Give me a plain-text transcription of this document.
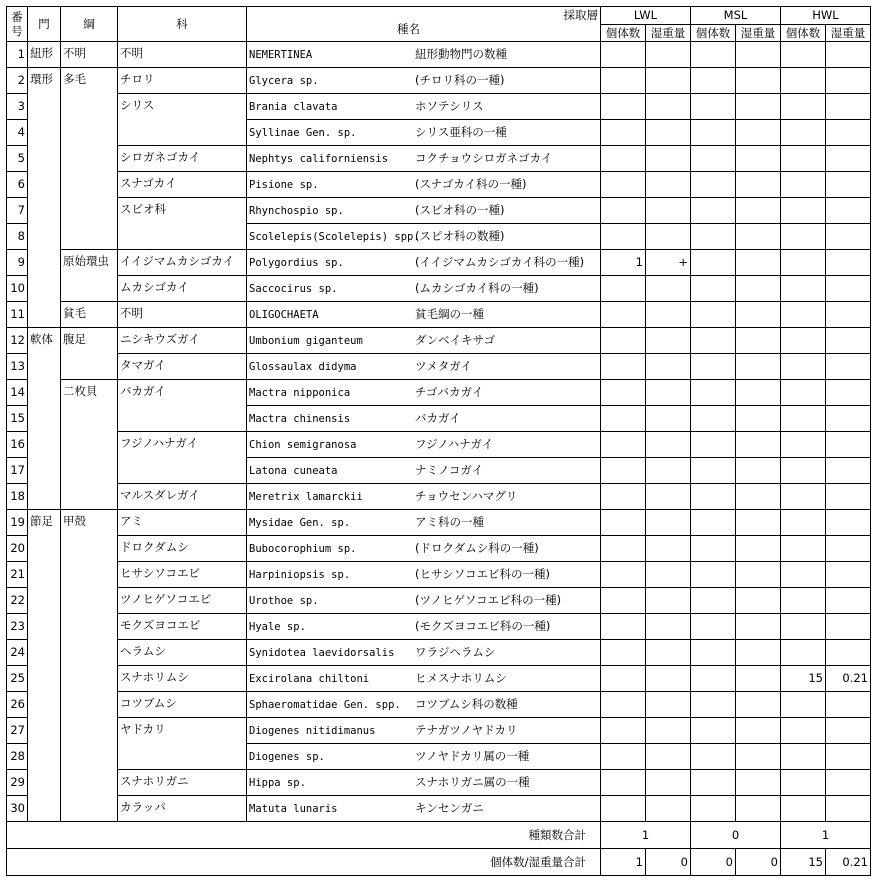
番
号	門	綱	科	採取層
種名	LWL		MSL		HWL	
					個体数	湿重量	個体数	湿重量	個体数	湿重量
1	紐形	不明	不明	NEMERTINEA 紐形動物門の数種						
2	環形	多毛	チロリ	Glycera sp. (チロリ科の一種)						
3			シリス	Brania clavata ホソテシリス						
4				Syllinae Gen. sp. シリス亜科の一種						
5			シロガネゴカイ	Nephtys californiensis コクチョウシロガネゴカイ						
6			スナゴカイ	Pisione sp. (スナゴカイ科の一種)						
7			スピオ科	Rhynchospio sp. (スピオ科の一種)						
8				Scolelepis(Scolelepis) spp.(スピオ科の数種)						
9		原始環虫	イイジマムカシゴカイ	Polygordius sp. (イイジマムカシゴカイ科の一種)	1	+				
10			ムカシゴカイ	Saccocirus sp. (ムカシゴカイ科の一種)						
11		貧毛	不明	OLIGOCHAETA 貧毛綱の一種						
12	軟体	腹足	ニシキウズガイ	Umbonium giganteum ダンベイキサゴ						
13			タマガイ	Glossaulax didyma ツメタガイ						
14		二枚貝	バカガイ	Mactra nipponica チゴバカガイ						
15				Mactra chinensis バカガイ						
16			フジノハナガイ	Chion semigranosa フジノハナガイ						
17				Latona cuneata ナミノコガイ						
18			マルスダレガイ	Meretrix lamarckii チョウセンハマグリ						
19	節足	甲殻	アミ	Mysidae Gen. sp. アミ科の一種						
20			ドロクダムシ	Bubocorophium sp. (ドロクダムシ科の一種)						
21			ヒサシソコエビ	Harpiniopsis sp. (ヒサシソコエビ科の一種)						
22			ツノヒゲソコエビ	Urothoe sp. (ツノヒゲソコエビ科の一種)						
23			モクズヨコエビ	Hyale sp. (モクズヨコエビ科の一種)						
24			ヘラムシ	Synidotea laevidorsalis ワラジヘラムシ						
25			スナホリムシ	Excirolana chiltoni ヒメスナホリムシ					15	0.21
26			コツブムシ	Sphaeromatidae Gen. spp. コツブムシ科の数種						
27			ヤドカリ	Diogenes nitidimanus テナガツノヤドカリ						
28				Diogenes sp. ツノヤドカリ属の一種						
29			スナホリガニ	Hippa sp. スナホリガニ属の一種						
30			カラッパ	Matuta lunaris キンセンガニ						
種類数合計					1		0		1	
個体数/湿重量合計					1	0	0	0	15	0.21
